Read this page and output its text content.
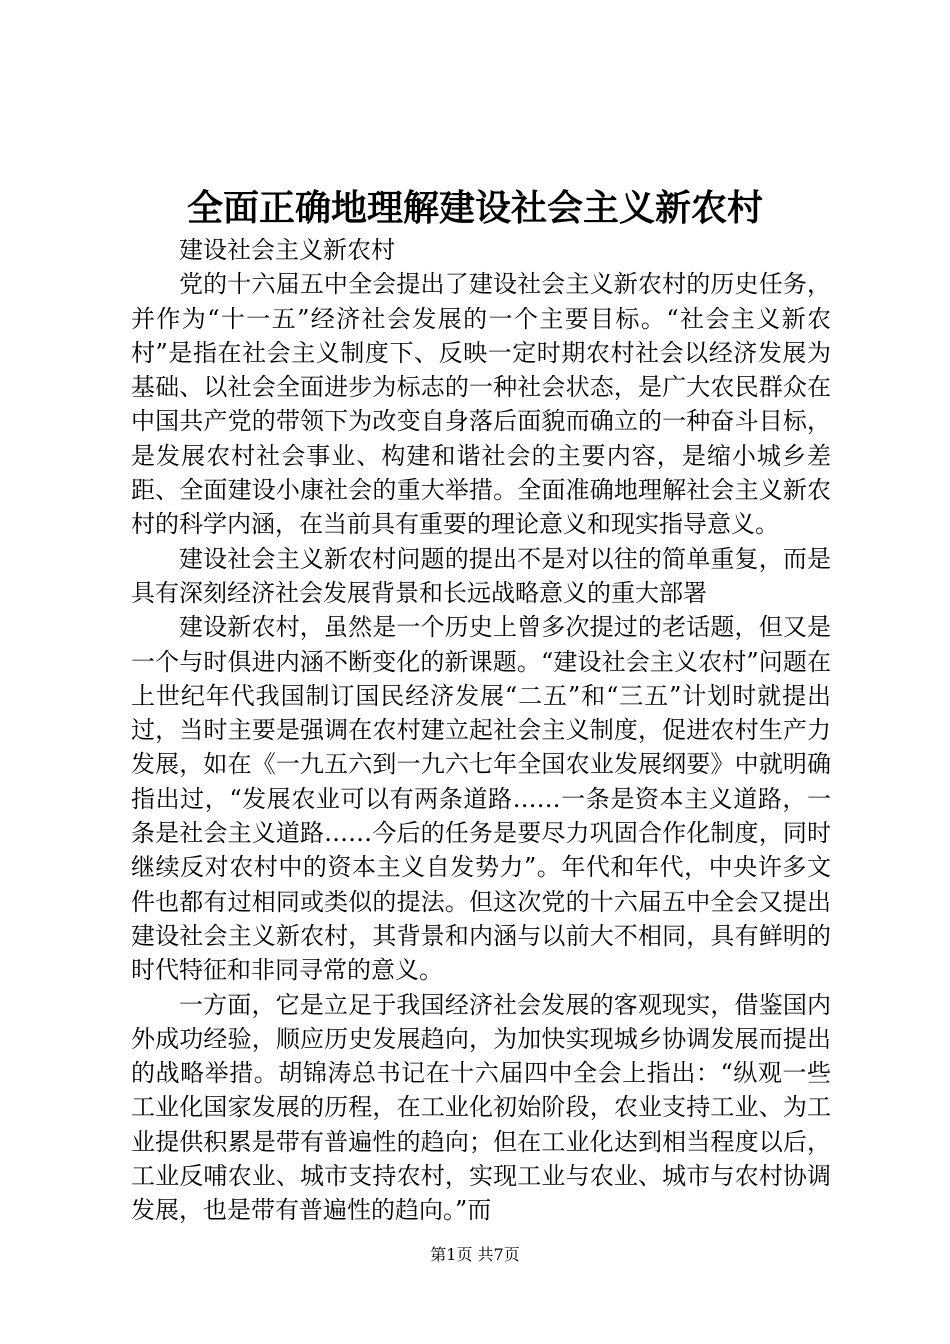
全面正确地理解建设社会主义新农村

建设社会主义新农村

党的十六届五中全会提出了建设社会主义新农村的历史任务，并作为“十一五”经济社会发展的一个主要目标。“社会主义新农村”是指在社会主义制度下、反映一定时期农村社会以经济发展为基础、以社会全面进步为标志的一种社会状态，是广大农民群众在中国共产党的带领下为改变自身落后面貌而确立的一种奋斗目标，是发展农村社会事业、构建和谐社会的主要内容，是缩小城乡差距、全面建设小康社会的重大举措。全面准确地理解社会主义新农村的科学内涵，在当前具有重要的理论意义和现实指导意义。

建设社会主义新农村问题的提出不是对以往的简单重复，而是具有深刻经济社会发展背景和长远战略意义的重大部署

建设新农村，虽然是一个历史上曾多次提过的老话题，但又是一个与时俱进内涵不断变化的新课题。“建设社会主义农村”问题在上世纪年代我国制订国民经济发展“二五”和“三五”计划时就提出过，当时主要是强调在农村建立起社会主义制度，促进农村生产力发展，如在《一九五六到一九六七年全国农业发展纲要》中就明确指出过，“发展农业可以有两条道路……一条是资本主义道路，一条是社会主义道路……今后的任务是要尽力巩固合作化制度，同时继续反对农村中的资本主义自发势力”。年代和年代，中央许多文件也都有过相同或类似的提法。但这次党的十六届五中全会又提出建设社会主义新农村，其背景和内涵与以前大不相同，具有鲜明的时代特征和非同寻常的意义。

一方面，它是立足于我国经济社会发展的客观现实，借鉴国内外成功经验，顺应历史发展趋向，为加快实现城乡协调发展而提出的战略举措。胡锦涛总书记在十六届四中全会上指出：“纵观一些工业化国家发展的历程，在工业化初始阶段，农业支持工业、为工业提供积累是带有普遍性的趋向；但在工业化达到相当程度以后，工业反哺农业、城市支持农村，实现工业与农业、城市与农村协调发展，也是带有普遍性的趋向。”而

第1页 共7页
